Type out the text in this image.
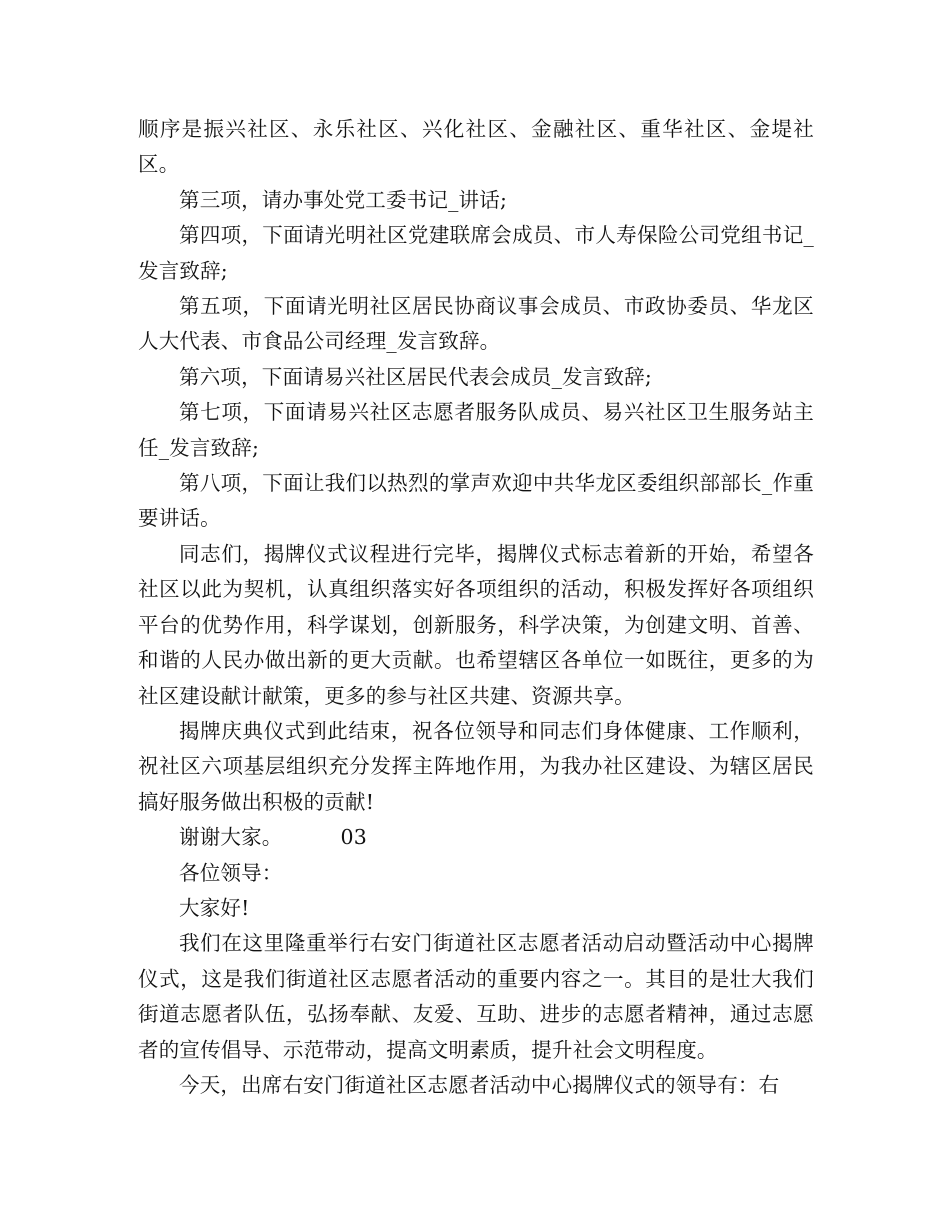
顺序是振兴社区、永乐社区、兴化社区、金融社区、重华社区、金堤社区。

第三项，请办事处党工委书记_讲话;

第四项，下面请光明社区党建联席会成员、市人寿保险公司党组书记_发言致辞;

第五项，下面请光明社区居民协商议事会成员、市政协委员、华龙区人大代表、市食品公司经理_发言致辞。

第六项，下面请易兴社区居民代表会成员_发言致辞;

第七项，下面请易兴社区志愿者服务队成员、易兴社区卫生服务站主任_发言致辞;

第八项，下面让我们以热烈的掌声欢迎中共华龙区委组织部部长_作重要讲话。

同志们，揭牌仪式议程进行完毕，揭牌仪式标志着新的开始，希望各社区以此为契机，认真组织落实好各项组织的活动，积极发挥好各项组织平台的优势作用，科学谋划，创新服务，科学决策，为创建文明、首善、和谐的人民办做出新的更大贡献。也希望辖区各单位一如既往，更多的为社区建设献计献策，更多的参与社区共建、资源共享。

揭牌庆典仪式到此结束，祝各位领导和同志们身体健康、工作顺利，祝社区六项基层组织充分发挥主阵地作用，为我办社区建设、为辖区居民搞好服务做出积极的贡献!

谢谢大家。	03

各位领导：

大家好!

我们在这里隆重举行右安门街道社区志愿者活动启动暨活动中心揭牌仪式，这是我们街道社区志愿者活动的重要内容之一。其目的是壮大我们街道志愿者队伍，弘扬奉献、友爱、互助、进步的志愿者精神，通过志愿者的宣传倡导、示范带动，提高文明素质，提升社会文明程度。

今天，出席右安门街道社区志愿者活动中心揭牌仪式的领导有：右
